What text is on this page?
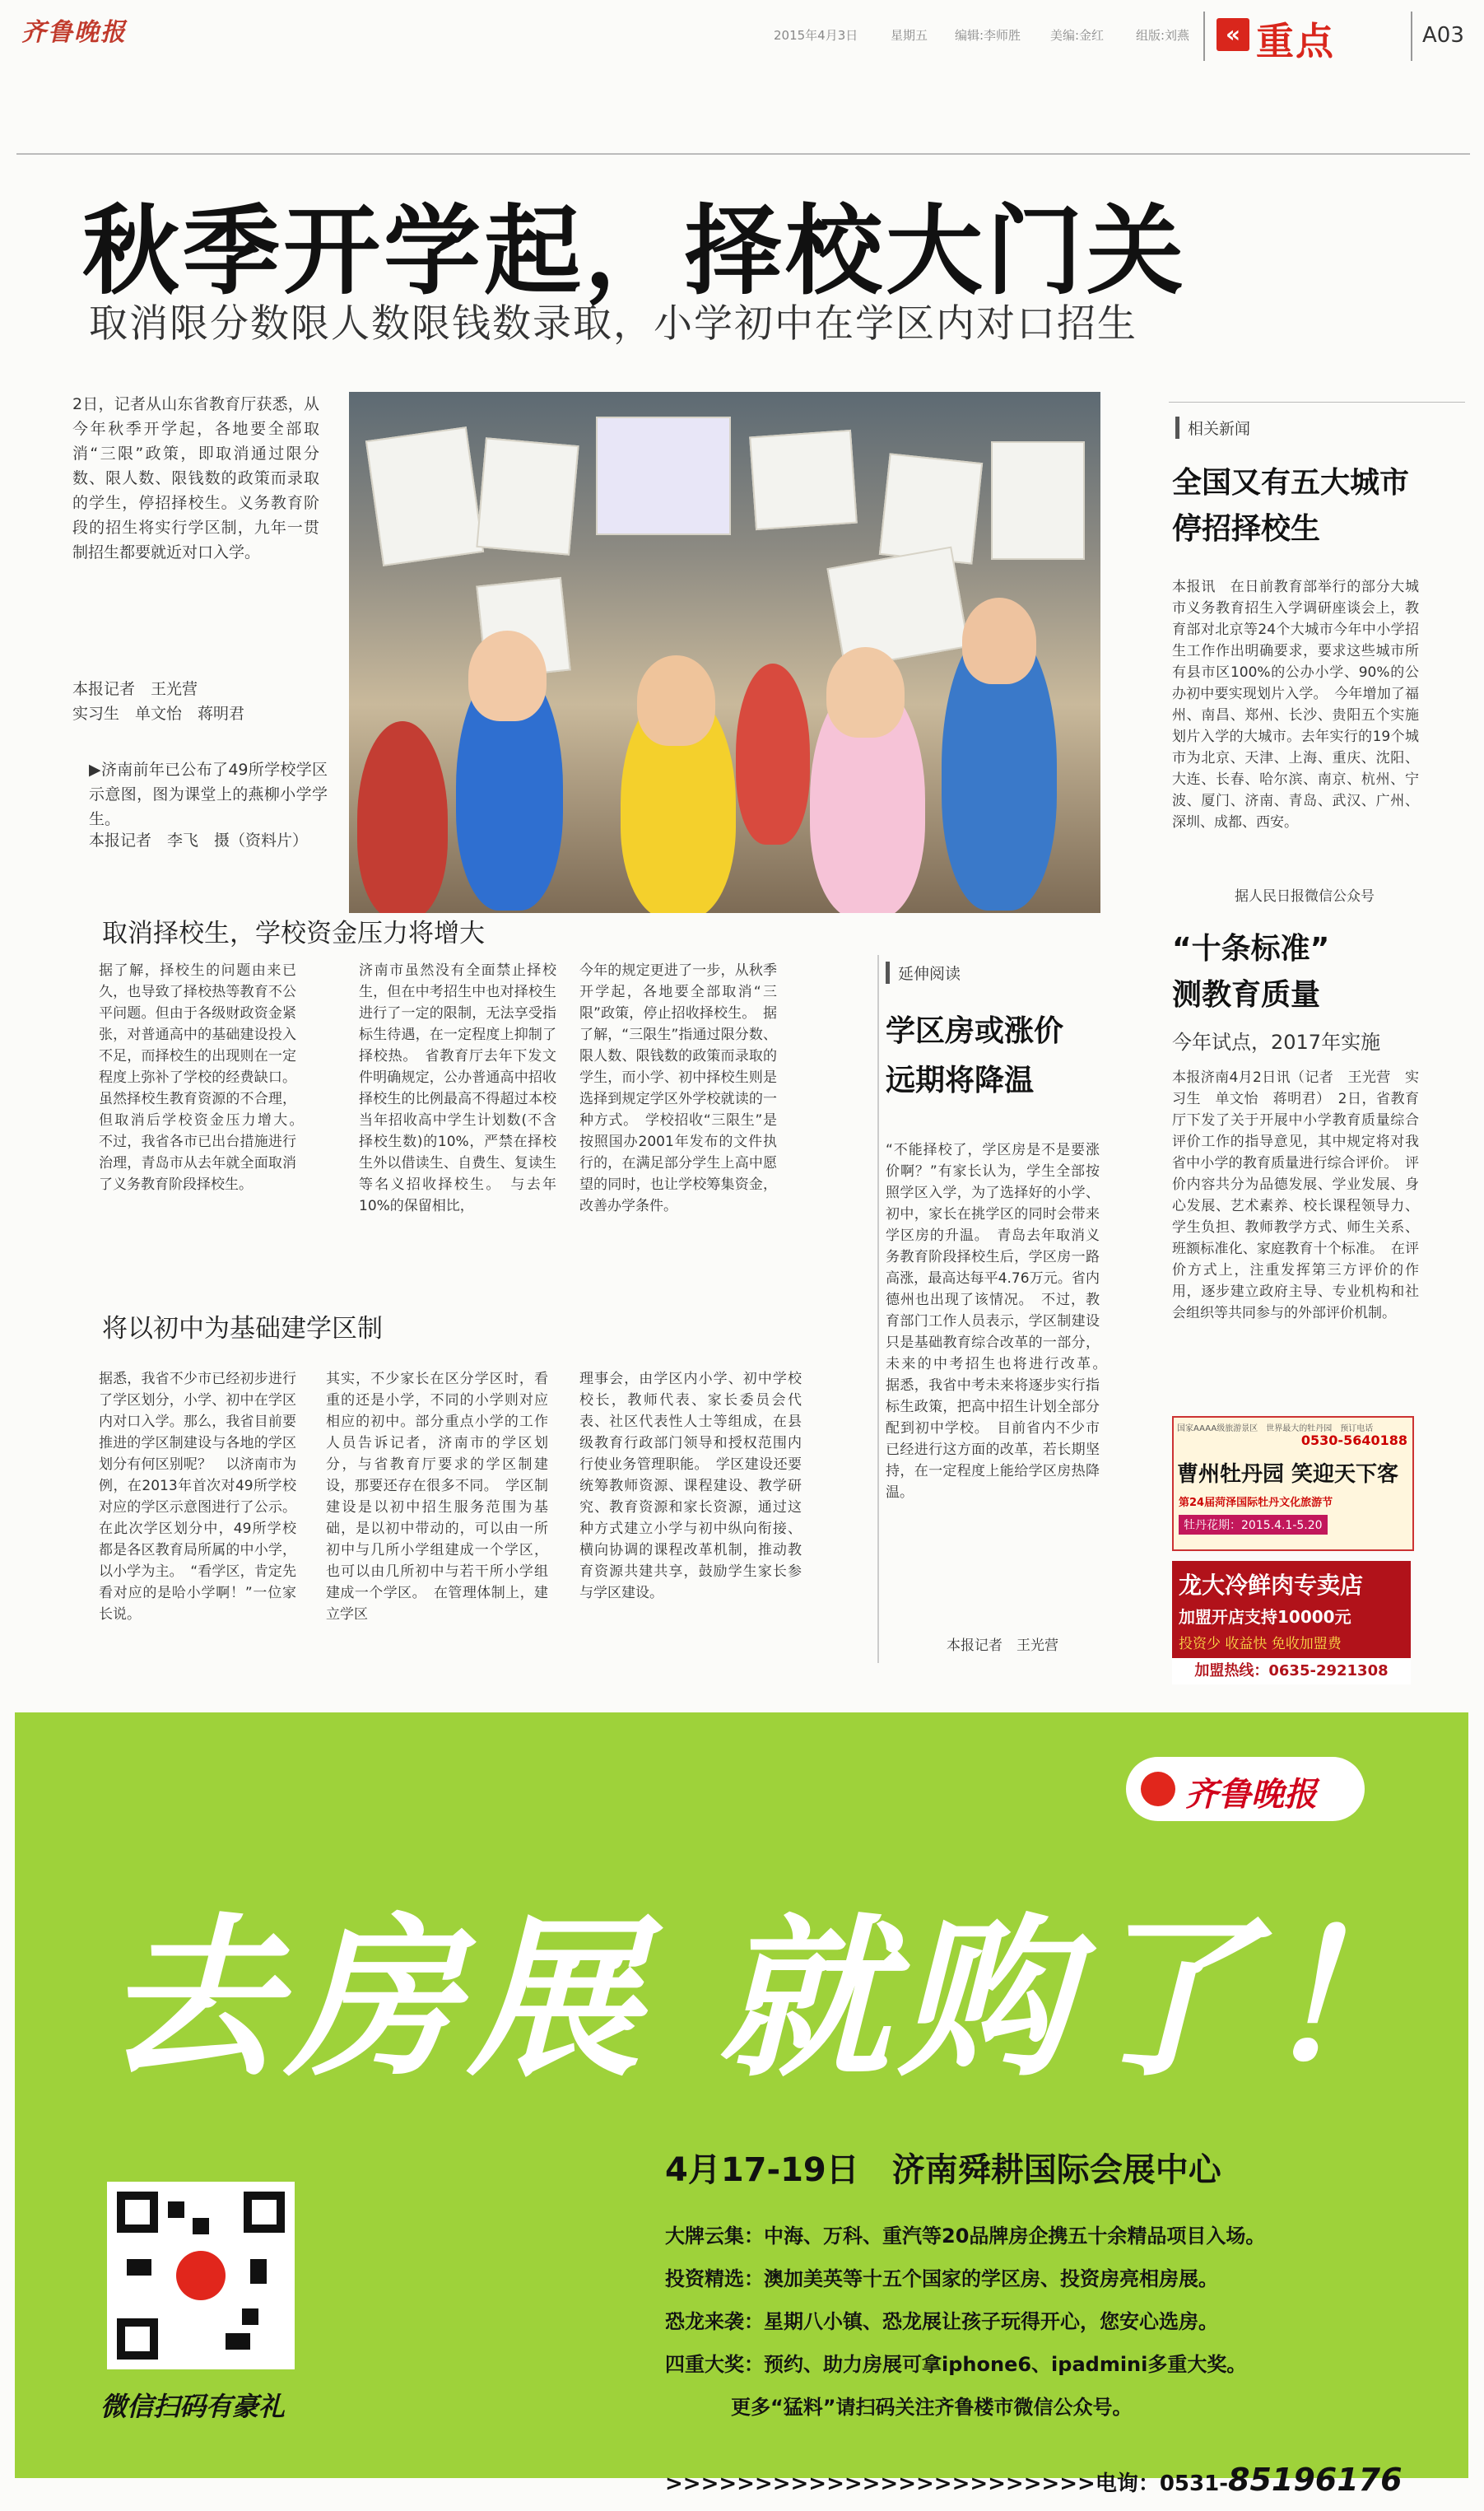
齐鲁晚报	2015年4月3日	星期五 编辑:李师胜 美编:金红	组版:刘燕	« 重点	A03
秋季开学起，择校大门关
取消限分数限人数限钱数录取，小学初中在学区内对口招生
2日，记者从山东省教育厅获悉，从今年秋季开学起，各地要全部取消“三限”政策，即取消通过限分数、限人数、限钱数的政策而录取的学生，停招择校生。义务教育阶段的招生将实行学区制，九年一贯制招生都要就近对口入学。
本报记者　王光营
实习生　单文怡　蒋明君
▶济南前年已公布了49所学校学区示意图，图为课堂上的燕柳小学学生。
本报记者　李飞　摄（资料片）
取消择校生，学校资金压力将增大
据了解，择校生的问题由来已久，也导致了择校热等教育不公平问题。但由于各级财政资金紧张，对普通高中的基础建设投入不足，而择校生的出现则在一定程度上弥补了学校的经费缺口。虽然择校生教育资源的不合理，但取消后学校资金压力增大。　不过，我省各市已出台措施进行治理，青岛市从去年就全面取消了义务教育阶段择校生。
济南市虽然没有全面禁止择校生，但在中考招生中也对择校生进行了一定的限制，无法享受指标生待遇，在一定程度上抑制了择校热。　省教育厅去年下发文件明确规定，公办普通高中招收择校生的比例最高不得超过本校当年招收高中学生计划数(不含择校生数)的10%，严禁在择校生外以借读生、自费生、复读生等名义招收择校生。　与去年10%的保留相比，
今年的规定更进了一步，从秋季开学起，各地要全部取消“三限”政策，停止招收择校生。　据了解，“三限生”指通过限分数、限人数、限钱数的政策而录取的学生，而小学、初中择校生则是选择到规定学区外学校就读的一种方式。　学校招收“三限生”是按照国办2001年发布的文件执行的，在满足部分学生上高中愿望的同时，也让学校筹集资金，改善办学条件。
将以初中为基础建学区制
据悉，我省不少市已经初步进行了学区划分，小学、初中在学区内对口入学。那么，我省目前要推进的学区制建设与各地的学区划分有何区别呢？　以济南市为例，在2013年首次对49所学校对应的学区示意图进行了公示。在此次学区划分中，49所学校都是各区教育局所属的中小学，以小学为主。　“看学区，肯定先看对应的是哈小学啊！”一位家长说。
其实，不少家长在区分学区时，看重的还是小学，不同的小学则对应相应的初中。部分重点小学的工作人员告诉记者，济南市的学区划分，与省教育厅要求的学区制建设，那要还存在很多不同。　学区制建设是以初中招生服务范围为基础，是以初中带动的，可以由一所初中与几所小学组建成一个学区，也可以由几所初中与若干所小学组建成一个学区。　在管理体制上，建立学区
理事会，由学区内小学、初中学校校长，教师代表、家长委员会代表、社区代表性人士等组成，在县级教育行政部门领导和授权范围内行使业务管理职能。　学区建设还要统筹教师资源、课程建设、教学研究、教育资源和家长资源，通过这种方式建立小学与初中纵向衔接、横向协调的课程改革机制，推动教育资源共建共享，鼓励学生家长参与学区建设。
延伸阅读
学区房或涨价
远期将降温
“不能择校了，学区房是不是要涨价啊？”有家长认为，学生全部按照学区入学，为了选择好的小学、初中，家长在挑学区的同时会带来学区房的升温。　青岛去年取消义务教育阶段择校生后，学区房一路高涨，最高达每平4.76万元。省内德州也出现了该情况。　不过，教育部门工作人员表示，学区制建设只是基础教育综合改革的一部分，未来的中考招生也将进行改革。　据悉，我省中考未来将逐步实行指标生政策，把高中招生计划全部分配到初中学校。　目前省内不少市已经进行这方面的改革，若长期坚持，在一定程度上能给学区房热降温。
本报记者　王光营
相关新闻
全国又有五大城市
停招择校生
本报讯　在日前教育部举行的部分大城市义务教育招生入学调研座谈会上，教育部对北京等24个大城市今年中小学招生工作作出明确要求，要求这些城市所有县市区100%的公办小学、90%的公办初中要实现划片入学。　今年增加了福州、南昌、郑州、长沙、贵阳五个实施划片入学的大城市。去年实行的19个城市为北京、天津、上海、重庆、沈阳、大连、长春、哈尔滨、南京、杭州、宁波、厦门、济南、青岛、武汉、广州、深圳、成都、西安。
据人民日报微信公众号
“十条标准”
测教育质量
今年试点，2017年实施
本报济南4月2日讯（记者　王光营　实习生　单文怡　蒋明君）　2日，省教育厅下发了关于开展中小学教育质量综合评价工作的指导意见，其中规定将对我省中小学的教育质量进行综合评价。　评价内容共分为品德发展、学业发展、身心发展、艺术素养、校长课程领导力、学生负担、教师教学方式、师生关系、班额标准化、家庭教育十个标准。　在评价方式上，注重发挥第三方评价的作用，逐步建立政府主导、专业机构和社会组织等共同参与的外部评价机制。
国家AAAA级旅游景区　世界最大的牡丹园　预订电话
0530-5640188
曹州牡丹园 笑迎天下客
第24届菏泽国际牡丹文化旅游节
牡丹花期：2015.4.1-5.20
龙大冷鲜肉专卖店
加盟开店支持10000元
投资少 收益快 免收加盟费
加盟热线：0635-2921308
齐鲁晚报
去房展 就购了！
4月17-19日　济南舜耕国际会展中心
大牌云集：中海、万科、重汽等20品牌房企携五十余精品项目入场。
投资精选：澳加美英等十五个国家的学区房、投资房亮相房展。
恐龙来袭：星期八小镇、恐龙展让孩子玩得开心，您安心选房。
四重大奖：预约、助力房展可拿iphone6、ipadmini多重大奖。
更多“猛料”请扫码关注齐鲁楼市微信公众号。
>>>>>>>>>>>>>>>>>>>>>>>>电询：0531-85196176
微信扫码有豪礼
